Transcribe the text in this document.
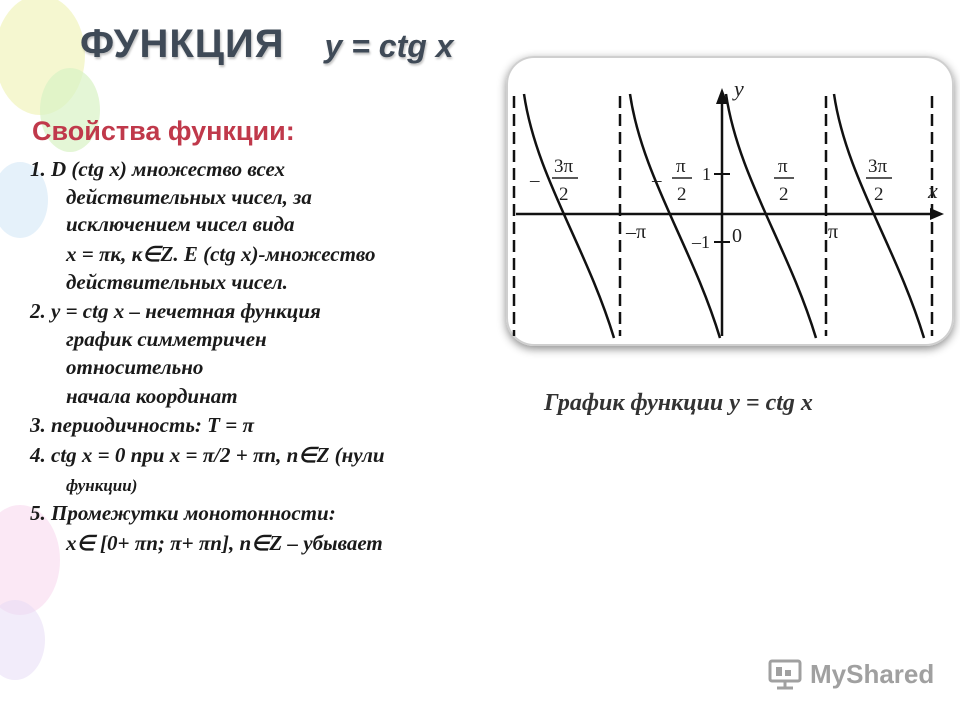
ФУНКЦИЯ y = ctg x
Свойства функции:
1. D (ctg x) множество всех
действительных чисел, за
исключением чисел вида
x = πк, к∈Z. E (ctg x)-множество
действительных чисел.
2. y = ctg x – нечетная функция
график симметричен
относительно
начала координат
3. периодичность: T = π
4. ctg x = 0 при x = π/2 + πn, n∈Z (нули
функции)
5. Промежутки монотонности:
x∈ [0+ πn; π+ πn], n∈Z – убывает
y
x
0
1
–1
–π	π
–
3π
2
–
π
2
π
2
3π
2
График функции y = ctg x
MyShared
